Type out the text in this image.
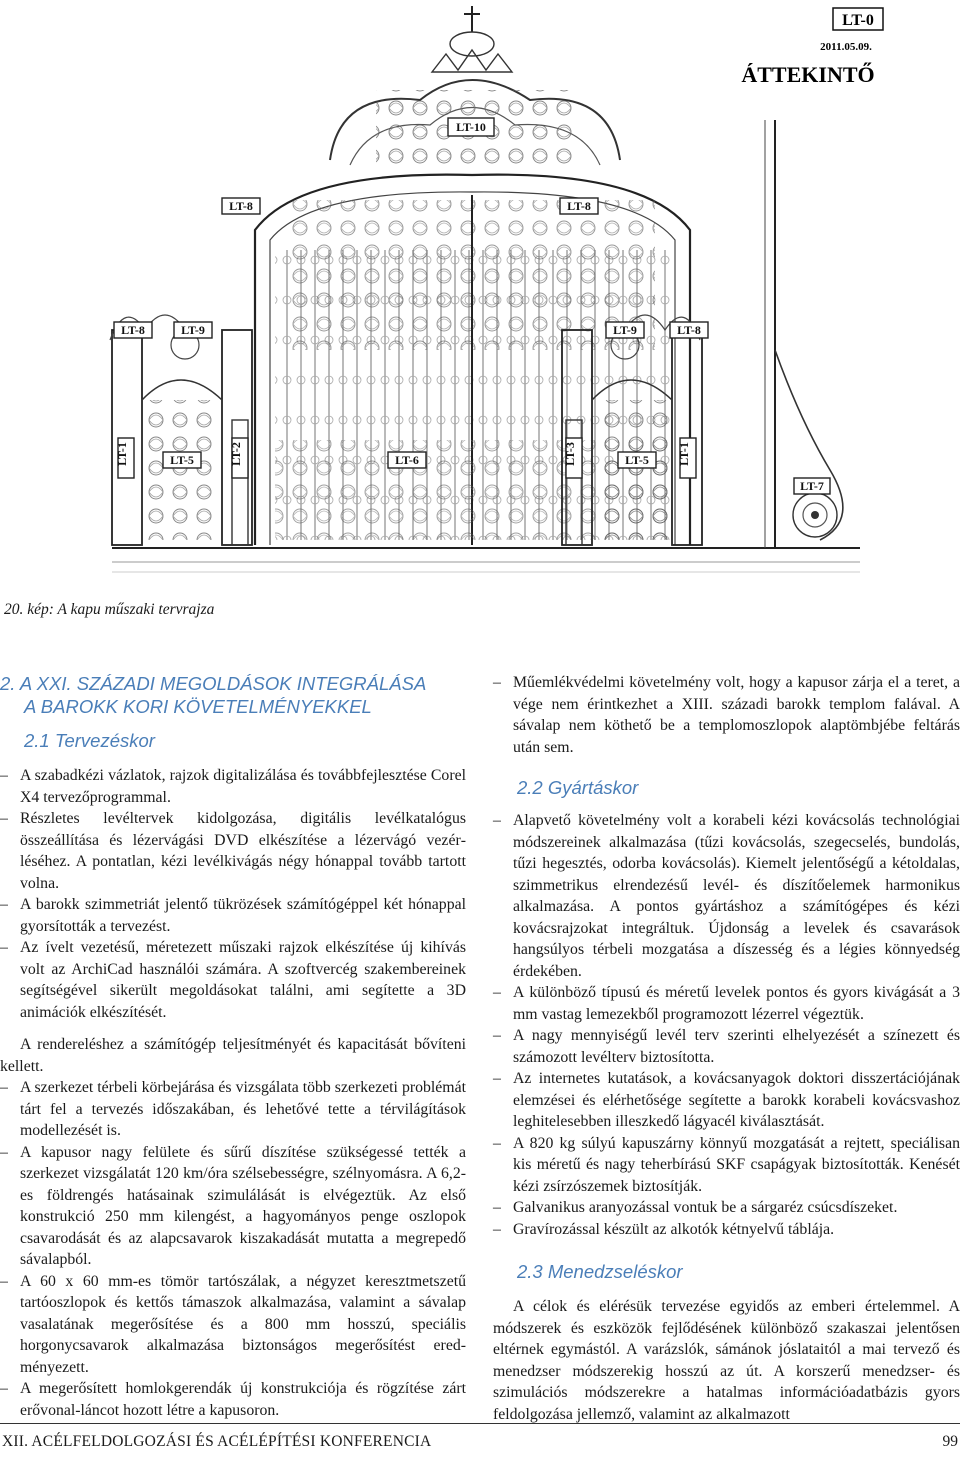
LT-0
2011.05.09.
ÁTTEKINTŐ
LT-10
LT-8	LT-8
LT-8	LT-9	LT-9	LT-8
LT-1	LT-5	LT-2	LT-6	LT-3	LT-5 LT-1
LT-7
20. kép: A kapu műszaki tervrajza
2. A XXI. SZÁZADI MEGOLDÁSOK INTEGRÁLÁSA
A BAROKK KORI KÖVETELMÉNYEKKEL
2.1 Tervezéskor
– A szabadkézi vázlatok, rajzok digitalizálása és továbbfejlesztése Corel X4 tervezőprogrammal.
– Részletes levéltervek kidolgozása, digitális levélkatalógus összeállítása és lézervágási DVD elkészítése a lézervágó vezérléséhez. A pontatlan, kézi levélkivágás négy hónappal tovább tartott volna.
– A barokk szimmetriát jelentő tükrözések számítógéppel két hónappal gyorsították a tervezést.
– Az ívelt vezetésű, méretezett műszaki rajzok elkészítése új kihívás volt az ArchiCad használói számára. A szoftvercég szakembereinek segítségével sikerült megoldásokat találni, ami segítette a 3D animációk elkészítését.
A rendereléshez a számítógép teljesítményét és kapacitását bővíteni kellett.
– A szerkezet térbeli körbejárása és vizsgálata több szerkezeti problémát tárt fel a tervezés időszakában, és lehetővé tette a térvilágítások modellezését is.
– A kapusor nagy felülete és sűrű díszítése szükségessé tették a szerkezet vizsgálatát 120 km/óra szélsebességre, szélnyomásra. A 6,2-es földrengés hatásainak szimulálását is elvégeztük. Az első konstrukció 250 mm kilengést, a hagyományos penge oszlopok csavarodását és az alapcsavarok kiszakadását mutatta a megrepedő sávalapból.
– A 60 x 60 mm-es tömör tartószálak, a négyzet keresztmetszetű tartóoszlopok és kettős támaszok alkalmazása, valamint a sávalap vasalatának megerősítése és a 800 mm hosszú, speciális horgonycsavarok alkalmazása biztonságos megerősítést eredményezett.
– A megerősített homlokgerendák új konstrukciója és rögzítése zárt erővonal-láncot hozott létre a kapusoron.
– Műemlékvédelmi követelmény volt, hogy a kapusor zárja el a teret, a vége nem érintkezhet a XIII. századi barokk templom falával. A sávalap nem köthető be a templomoszlopok alaptömbjébe feltárás után sem.
2.2 Gyártáskor
– Alapvető követelmény volt a korabeli kézi kovácsolás technológiai módszereinek alkalmazása (tűzi kovácsolás, szegecselés, bundolás, tűzi hegesztés, odorba kovácsolás). Kiemelt jelentőségű a kétoldalas, szimmetrikus elrendezésű levél- és díszítőelemek harmonikus alkalmazása. A pontos gyártáshoz a számítógépes és kézi kovácsrajzokat integráltuk. Újdonság a levelek és csavarások hangsúlyos térbeli mozgatása a díszesség és a légies könnyedség érdekében.
– A különböző típusú és méretű levelek pontos és gyors kivágását a 3 mm vastag lemezekből programozott lézerrel végeztük.
– A nagy mennyiségű levél terv szerinti elhelyezését a színezett és számozott levélterv biztosította.
– Az internetes kutatások, a kovácsanyagok doktori disszertációjának elemzései és elérhetősége segítette a barokk korabeli kovácsvashoz leghitelesebben illeszkedő lágyacél kiválasztását.
– A 820 kg súlyú kapuszárny könnyű mozgatását a rejtett, speciálisan kis méretű és nagy teherbírású SKF csapágyak biztosították. Kenését kézi zsírzószemek biztosítják.
– Galvanikus aranyozással vontuk be a sárgaréz csúcsdíszeket.
– Gravírozással készült az alkotók kétnyelvű táblája.
2.3 Menedzseléskor
A célok és elérésük tervezése egyidős az emberi értelemmel. A módszerek és eszközök fejlődésének különböző szakaszai jelentősen eltérnek egymástól. A varázslók, sámánok jóslataitól a mai tervező és menedzser módszerekig hosszú az út. A korszerű menedzser- és szimulációs módszerekre a hatalmas információadatbázis gyors feldolgozása jellemző, valamint az alkalmazott
XII. ACÉLFELDOLGOZÁSI ÉS ACÉLÉPÍTÉSI KONFERENCIA	99
